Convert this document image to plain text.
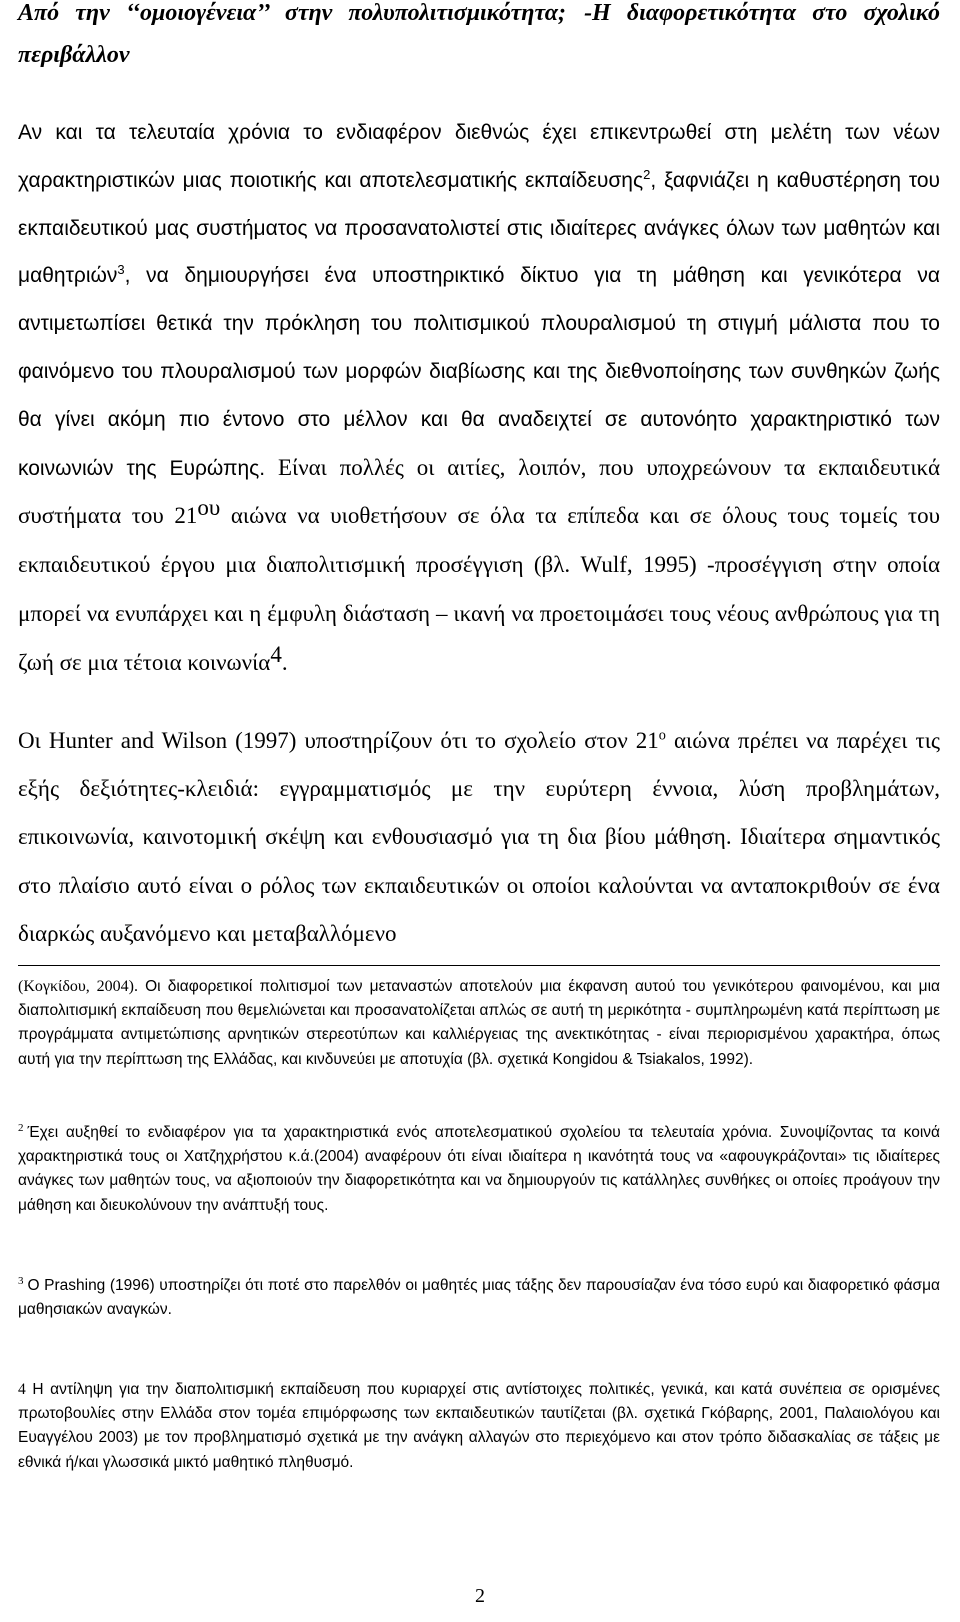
Από την ‘‘ομοιογένεια’’ στην πολυπολιτισμικότητα; -Η διαφορετικότητα στο σχολικό περιβάλλον
Αν και τα τελευταία χρόνια το ενδιαφέρον διεθνώς έχει επικεντρωθεί στη μελέτη των νέων χαρακτηριστικών μιας ποιοτικής και αποτελεσματικής εκπαίδευσης$^2$, ξαφνιάζει η καθυστέρηση του εκπαιδευτικού μας συστήματος να προσανατολιστεί στις ιδιαίτερες ανάγκες όλων των μαθητών και μαθητριών$^3$, να δημιουργήσει ένα υποστηρικτικό δίκτυο για τη μάθηση και γενικότερα να αντιμετωπίσει θετικά την πρόκληση του πολιτισμικού πλουραλισμού τη στιγμή μάλιστα που το φαινόμενο του πλουραλισμού των μορφών διαβίωσης και της διεθνοποίησης των συνθηκών ζωής θα γίνει ακόμη πιο έντονο στο μέλλον και θα αναδειχτεί σε αυτονόητο χαρακτηριστικό των κοινωνιών της Ευρώπης. Είναι πολλές οι αιτίες, λοιπόν, που υποχρεώνουν τα εκπαιδευτικά συστήματα του $21^{o\upsilon}$ αιώνα να υιοθετήσουν σε όλα τα επίπεδα και σε όλους τους τομείς του εκπαιδευτικού έργου μια διαπολιτισμική προσέγγιση (βλ. Wulf, 1995) -προσέγγιση στην οποία μπορεί να ενυπάρχει και η έμφυλη διάσταση – ικανή να προετοιμάσει τους νέους ανθρώπους για τη ζωή σε μια τέτοια κοινωνία$^4$.
Οι Hunter and Wilson (1997) υποστηρίζουν ότι το σχολείο στον $21^o$ αιώνα πρέπει να παρέχει τις εξής δεξιότητες-κλειδιά: εγγραμματισμός με την ευρύτερη έννοια, λύση προβλημάτων, επικοινωνία, καινοτομική σκέψη και ενθουσιασμό για τη δια βίου μάθηση. Ιδιαίτερα σημαντικός στο πλαίσιο αυτό είναι ο ρόλος των εκπαιδευτικών οι οποίοι καλούνται να ανταποκριθούν σε ένα διαρκώς αυξανόμενο και μεταβαλλόμενο
(Κογκίδου, 2004). Οι διαφορετικοί πολιτισμοί των μεταναστών αποτελούν μια έκφανση αυτού του γενικότερου φαινομένου, και μια διαπολιτισμική εκπαίδευση που θεμελιώνεται και προσανατολίζεται απλώς σε αυτή τη μερικότητα - συμπληρωμένη κατά περίπτωση με προγράμματα αντιμετώπισης αρνητικών στερεοτύπων και καλλιέργειας της ανεκτικότητας - είναι περιορισμένου χαρακτήρα, όπως αυτή για την περίπτωση της Ελλάδας, και κινδυνεύει με αποτυχία (βλ. σχετικά Kongidou & Tsiakalos, 1992).
$^2$ Έχει αυξηθεί το ενδιαφέρον για τα χαρακτηριστικά ενός αποτελεσματικού σχολείου τα τελευταία χρόνια. Συνοψίζοντας τα κοινά χαρακτηριστικά τους οι Χατζηχρήστου κ.ά.(2004) αναφέρουν ότι είναι ιδιαίτερα η ικανότητά τους να «αφουγκράζονται» τις ιδιαίτερες ανάγκες των μαθητών τους, να αξιοποιούν την διαφορετικότητα και να δημιουργούν τις κατάλληλες συνθήκες οι οποίες προάγουν την μάθηση και διευκολύνουν την ανάπτυξή τους.
$^3$ Ο Prashing (1996) υποστηρίζει ότι ποτέ στο παρελθόν οι μαθητές μιας τάξης δεν παρουσίαζαν ένα τόσο ευρύ και διαφορετικό φάσμα μαθησιακών αναγκών.
4 Η αντίληψη για την διαπολιτισμική εκπαίδευση που κυριαρχεί στις αντίστοιχες πολιτικές, γενικά, και κατά συνέπεια σε ορισμένες πρωτοβουλίες στην Ελλάδα στον τομέα επιμόρφωσης των εκπαιδευτικών ταυτίζεται (βλ. σχετικά Γκόβαρης, 2001, Παλαιολόγου και Ευαγγέλου 2003) με τον προβληματισμό σχετικά με την ανάγκη αλλαγών στο περιεχόμενο και στον τρόπο διδασκαλίας σε τάξεις με εθνικά ή/και γλωσσικά μικτό μαθητικό πληθυσμό.
2
